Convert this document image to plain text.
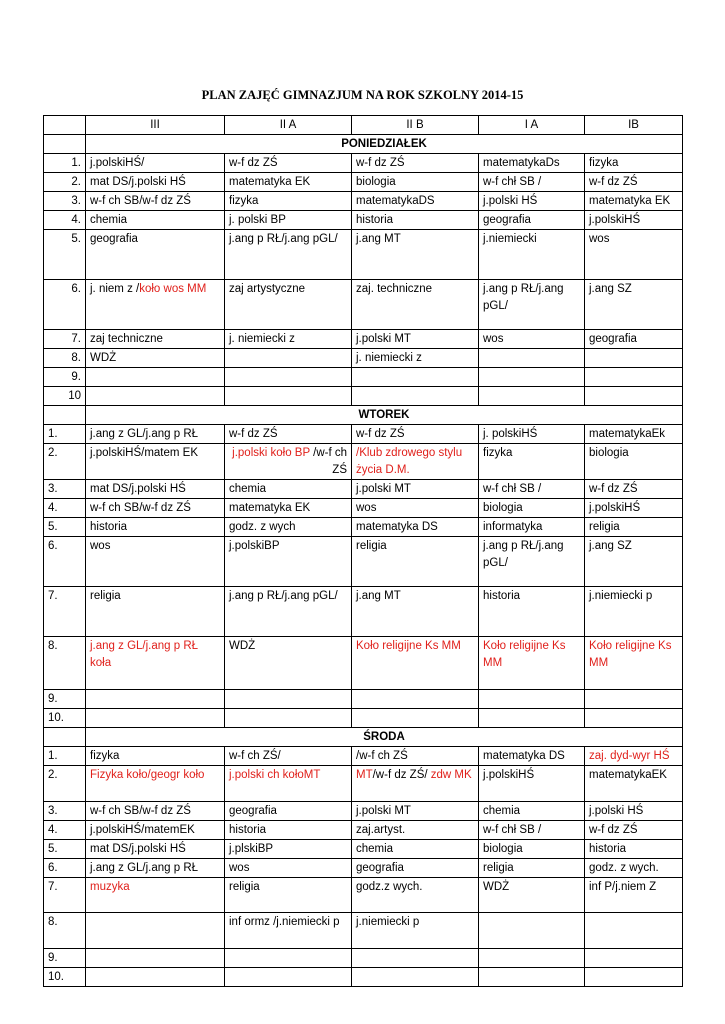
PLAN ZAJĘĆ GIMNAZJUM NA ROK SZKOLNY 2014-15
	III	II A	II B	I A	IB
	PONIEDZIAŁEK				
1.	j.polskiHŚ/	w-f dz ZŚ	w-f dz ZŚ	matematykaDs	fizyka
2.	mat DS/j.polski HŚ	matematyka EK	biologia	w-f chł SB /	w-f dz ZŚ
3.	w-f ch SB/w-f dz ZŚ	fizyka	matematykaDS	j.polski HŚ	matematyka EK
4.	chemia	j. polski BP	historia	geografia	j.polskiHŚ
5.	geografia	j.ang p RŁ/j.ang pGL/	j.ang MT	j.niemiecki	wos
6.	j. niem z /koło wos MM	zaj artystyczne	zaj. techniczne	j.ang p RŁ/j.ang pGL/	j.ang SZ
7.	zaj techniczne	j. niemiecki z	j.polski MT	wos	geografia
8.	WDŻ		j. niemiecki z		
9.					
10					
	WTOREK				
1.	j.ang z GL/j.ang p RŁ	w-f dz ZŚ	w-f dz ZŚ	j. polskiHŚ	matematykaEk
2.	j.polskiHŚ/matem EK	j.polski koło BP /w-f ch ZŚ	/Klub zdrowego stylu życia D.M.	fizyka	biologia
3.	mat DS/j.polski HŚ	chemia	j.polski MT	w-f chł SB /	w-f dz ZŚ
4.	w-f ch SB/w-f dz ZŚ	matematyka EK	wos	biologia	j.polskiHŚ
5.	historia	godz. z wych	matematyka DS	informatyka	religia
6.	wos	j.polskiBP	religia	j.ang p RŁ/j.ang pGL/	j.ang SZ
7.	religia	j.ang p RŁ/j.ang pGL/	j.ang MT	historia	j.niemiecki p
8.	j.ang z GL/j.ang p RŁ koła	WDŻ	Koło religijne Ks MM	Koło religijne Ks MM	Koło religijne Ks MM
9.					
10.					
	ŚRODA				
1.	fizyka	w-f ch ZŚ/	/w-f ch ZŚ	matematyka DS	zaj. dyd-wyr HŚ
2.	Fizyka koło/geogr koło	j.polski ch kołoMT	MT/w-f dz ZŚ/ zdw MK	j.polskiHŚ	matematykaEK
3.	w-f ch SB/w-f dz ZŚ	geografia	j.polski MT	chemia	j.polski HŚ
4.	j.polskiHŚ/matemEK	historia	zaj.artyst.	w-f chł SB /	w-f dz ZŚ
5.	mat DS/j.polski HŚ	j.plskiBP	chemia	biologia	historia
6.	j.ang z GL/j.ang p RŁ	wos	geografia	religia	godz. z wych.
7.	muzyka	religia	godz.z wych.	WDŻ	inf P/j.niem Z
8.		inf ormz /j.niemiecki p	j.niemiecki p		
9.					
10.					
